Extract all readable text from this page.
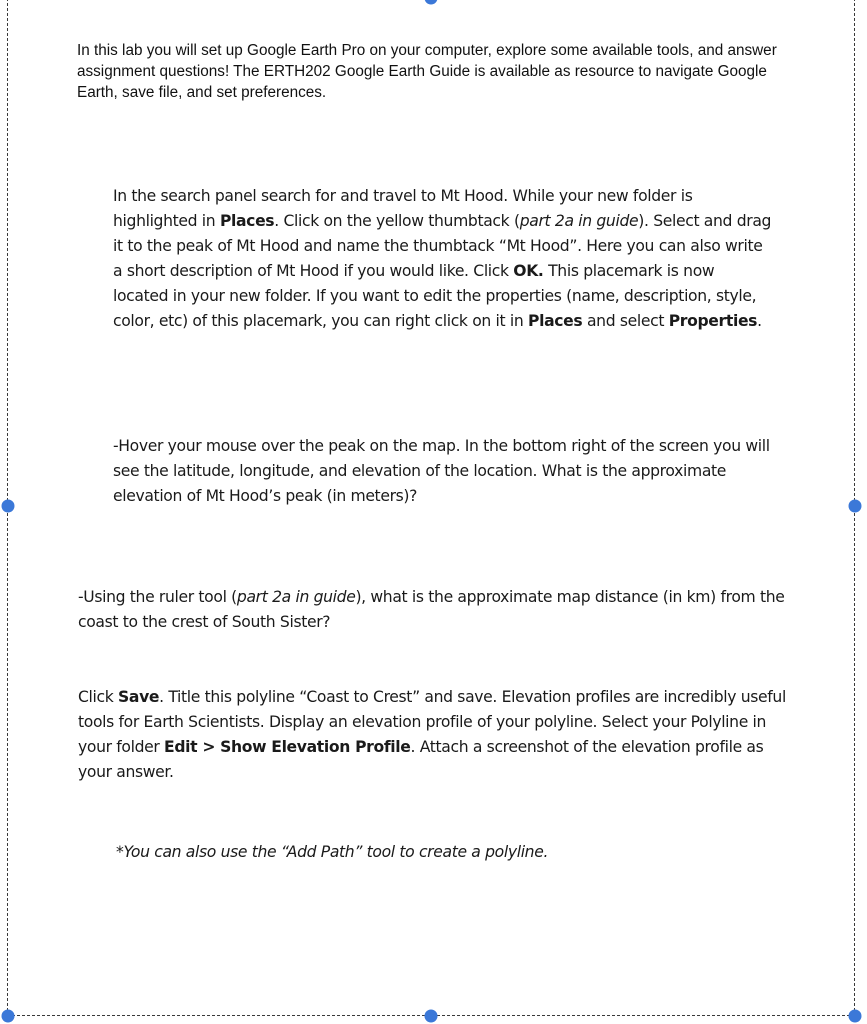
In this lab you will set up Google Earth Pro on your computer, explore some available tools, and answer assignment questions! The ERTH202 Google Earth Guide is available as resource to navigate Google Earth, save file, and set preferences.
In the search panel search for and travel to Mt Hood. While your new folder is highlighted in Places. Click on the yellow thumbtack (part 2a in guide). Select and drag it to the peak of Mt Hood and name the thumbtack “Mt Hood”. Here you can also write a short description of Mt Hood if you would like. Click OK. This placemark is now located in your new folder. If you want to edit the properties (name, description, style, color, etc) of this placemark, you can right click on it in Places and select Properties.
-Hover your mouse over the peak on the map. In the bottom right of the screen you will see the latitude, longitude, and elevation of the location. What is the approximate elevation of Mt Hood’s peak (in meters)?
-Using the ruler tool (part 2a in guide), what is the approximate map distance (in km) from the coast to the crest of South Sister?
Click Save. Title this polyline “Coast to Crest” and save. Elevation profiles are incredibly useful tools for Earth Scientists. Display an elevation profile of your polyline. Select your Polyline in your folder Edit > Show Elevation Profile. Attach a screenshot of the elevation profile as your answer.
*You can also use the “Add Path” tool to create a polyline.
